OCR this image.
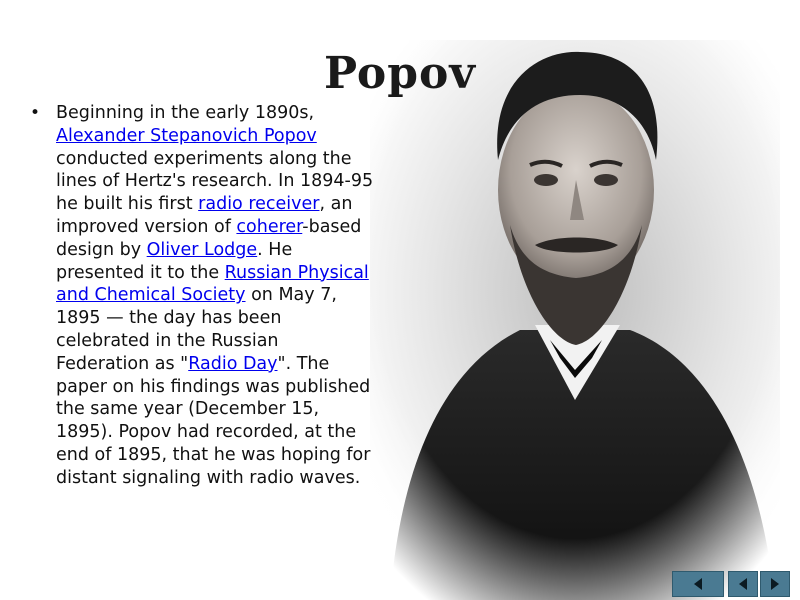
Popov
• Beginning in the early 1890s, Alexander Stepanovich Popov conducted experiments along the lines of Hertz's research. In 1894-95 he built his first radio receiver, an improved version of coherer-based design by Oliver Lodge. He presented it to the Russian Physical and Chemical Society on May 7, 1895 — the day has been celebrated in the Russian Federation as "Radio Day". The paper on his findings was published the same year (December 15, 1895). Popov had recorded, at the end of 1895, that he was hoping for distant signaling with radio waves.
